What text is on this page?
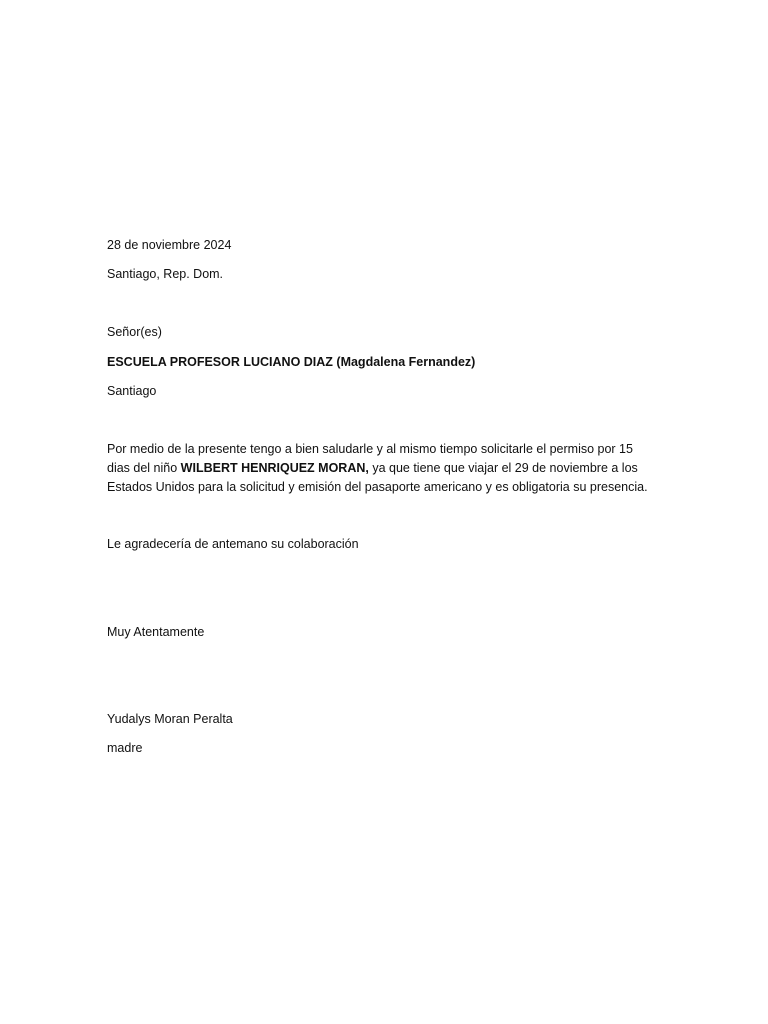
28 de noviembre 2024
Santiago, Rep. Dom.
Señor(es)
ESCUELA PROFESOR LUCIANO DIAZ (Magdalena Fernandez)
Santiago
Por medio de la presente tengo a bien saludarle y al mismo tiempo solicitarle el permiso por 15
dias del niño WILBERT HENRIQUEZ MORAN, ya que tiene que viajar el 29 de noviembre a los
Estados Unidos para la solicitud y emisión del pasaporte americano y es obligatoria su presencia.
Le agradecería de antemano su colaboración
Muy Atentamente
Yudalys Moran Peralta
madre
